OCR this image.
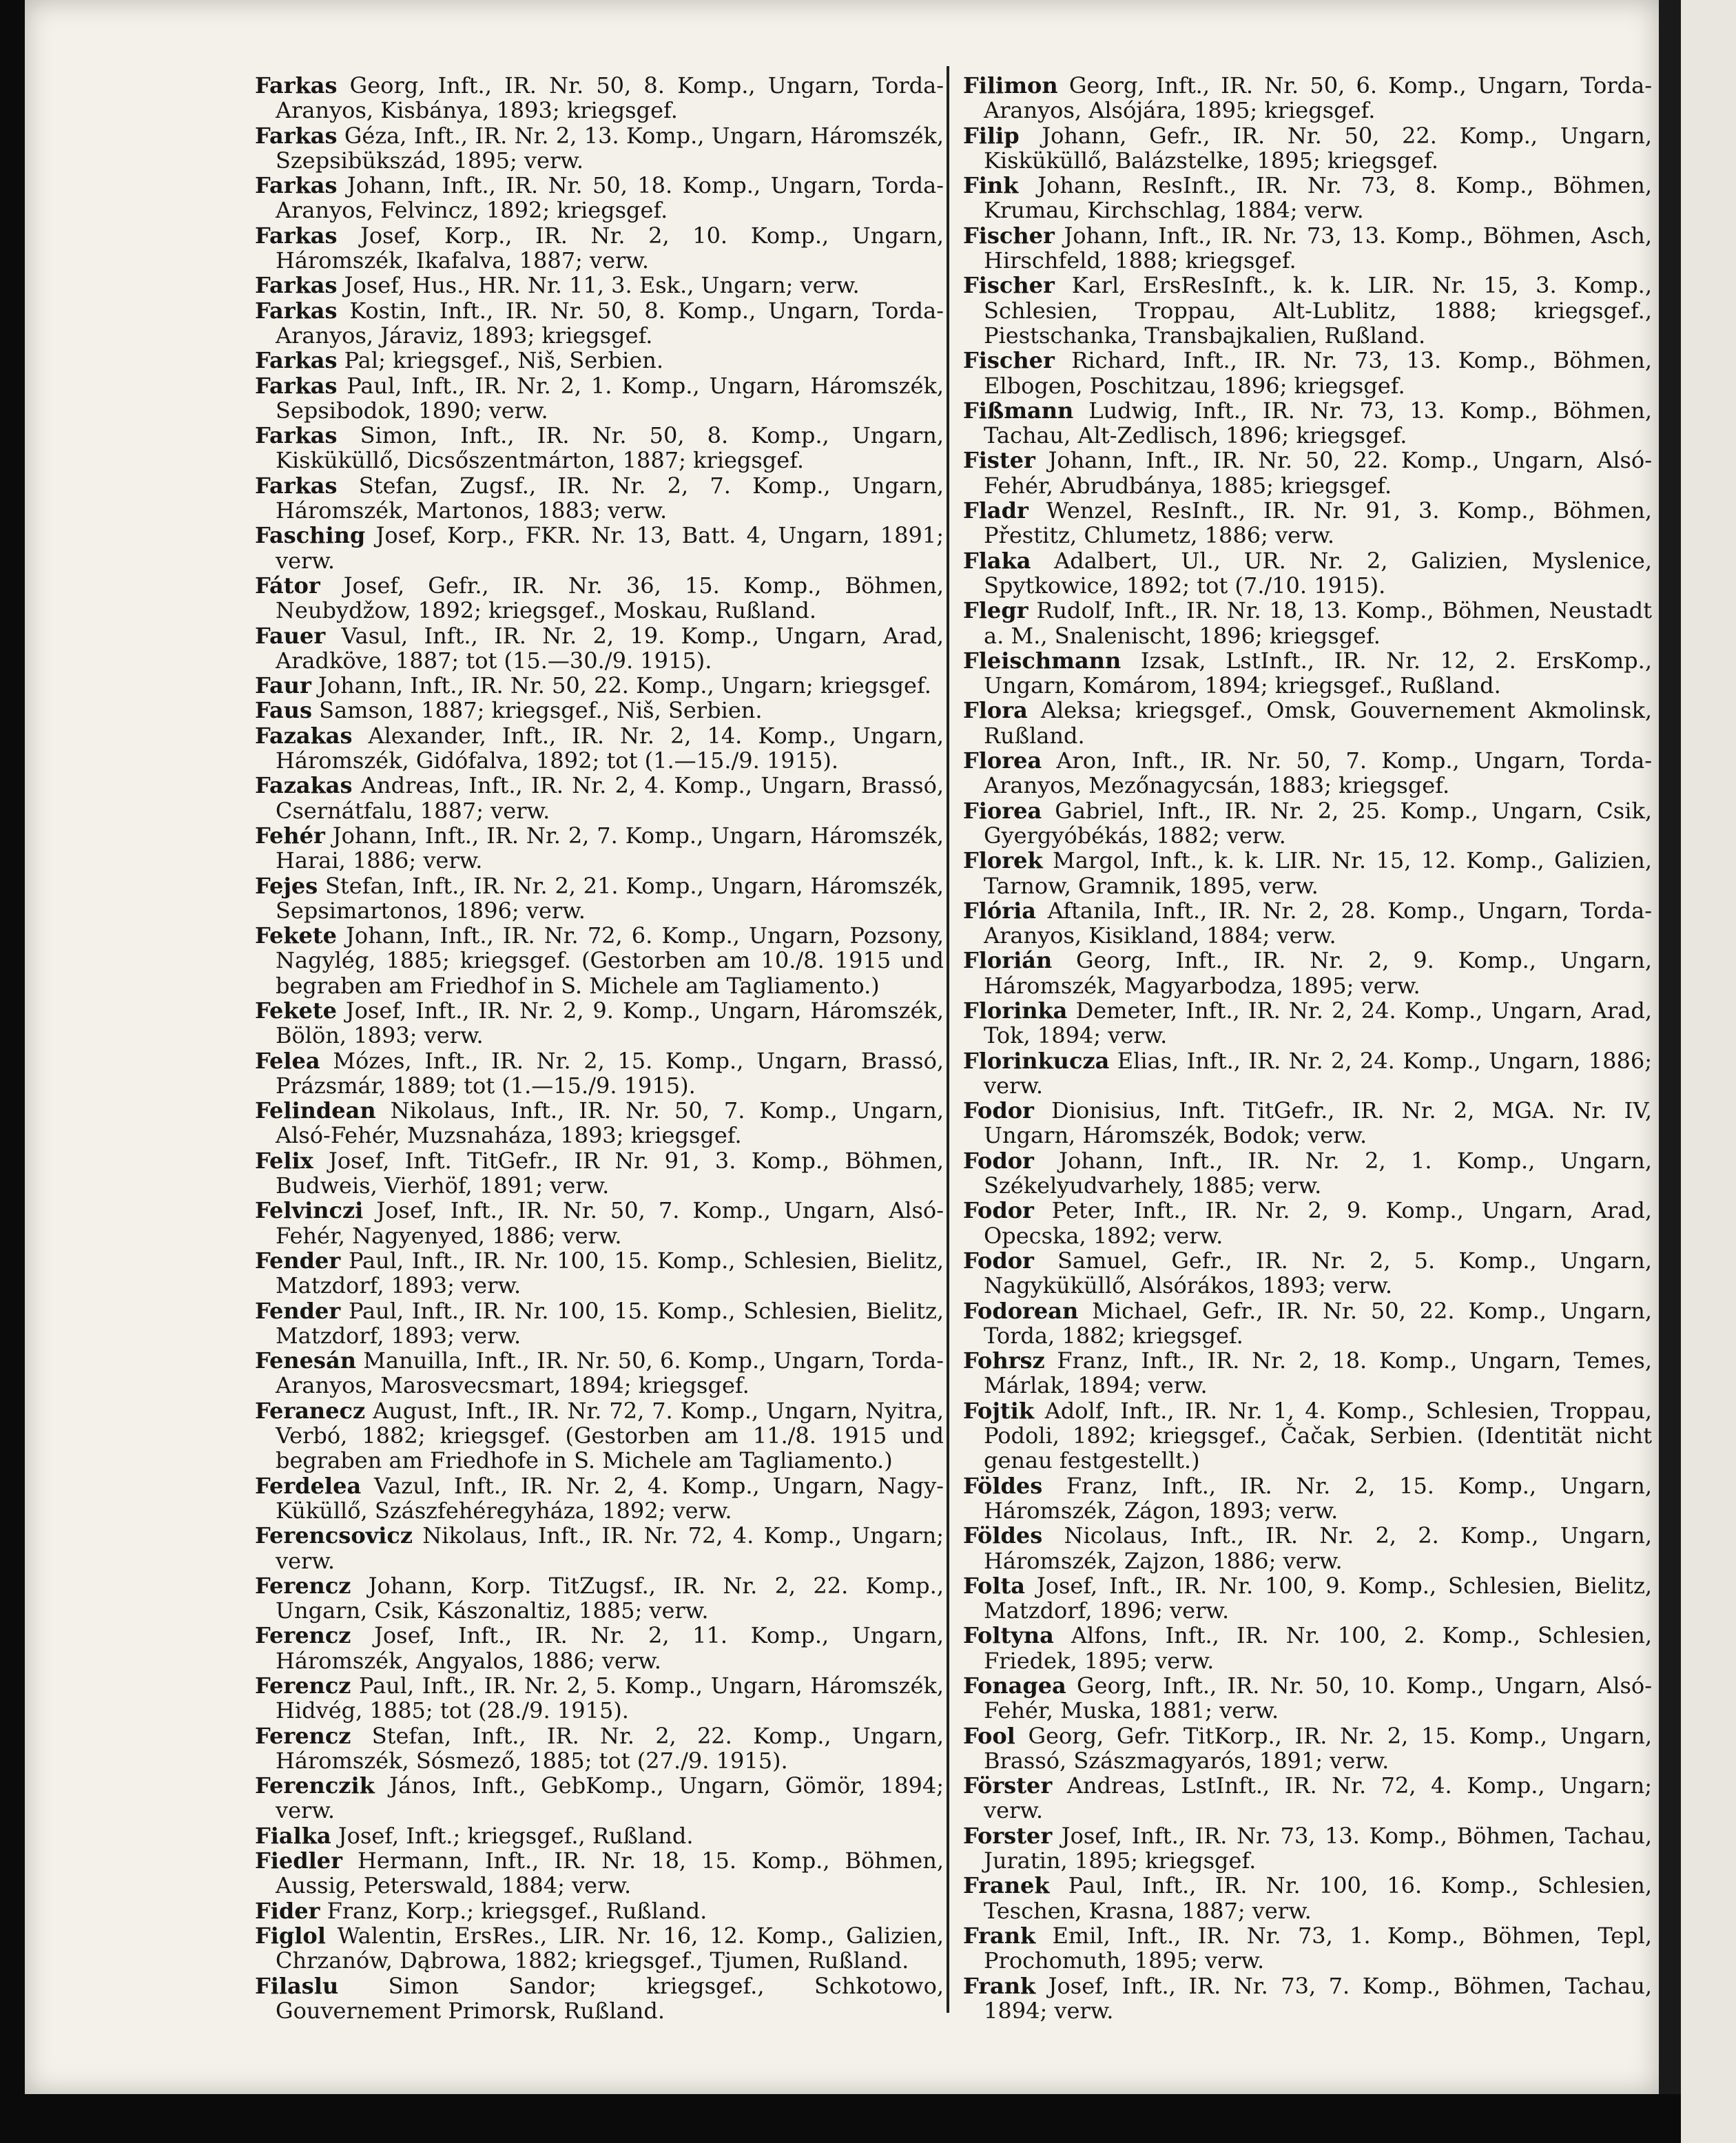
Farkas Georg, Inft., IR. Nr. 50, 8. Komp., Ungarn, Torda-Aranyos, Kisbánya, 1893; kriegsgef.

Farkas Géza, Inft., IR. Nr. 2, 13. Komp., Ungarn, Háromszék, Szepsibükszád, 1895; verw.

Farkas Johann, Inft., IR. Nr. 50, 18. Komp., Ungarn, Torda-Aranyos, Felvincz, 1892; kriegsgef.

Farkas Josef, Korp., IR. Nr. 2, 10. Komp., Ungarn, Háromszék, Ikafalva, 1887; verw.

Farkas Josef, Hus., HR. Nr. 11, 3. Esk., Ungarn; verw.

Farkas Kostin, Inft., IR. Nr. 50, 8. Komp., Ungarn, Torda-Aranyos, Járaviz, 1893; kriegsgef.

Farkas Pal; kriegsgef., Niš, Serbien.

Farkas Paul, Inft., IR. Nr. 2, 1. Komp., Ungarn, Háromszék, Sepsibodok, 1890; verw.

Farkas Simon, Inft., IR. Nr. 50, 8. Komp., Ungarn, Kisküküllő, Dicsőszentmárton, 1887; kriegsgef.

Farkas Stefan, Zugsf., IR. Nr. 2, 7. Komp., Ungarn, Háromszék, Martonos, 1883; verw.

Fasching Josef, Korp., FKR. Nr. 13, Batt. 4, Ungarn, 1891; verw.

Fátor Josef, Gefr., IR. Nr. 36, 15. Komp., Böhmen, Neubydžow, 1892; kriegsgef., Moskau, Rußland.

Fauer Vasul, Inft., IR. Nr. 2, 19. Komp., Ungarn, Arad, Aradköve, 1887; tot (15.—30./9. 1915).

Faur Johann, Inft., IR. Nr. 50, 22. Komp., Ungarn; kriegsgef.

Faus Samson, 1887; kriegsgef., Niš, Serbien.

Fazakas Alexander, Inft., IR. Nr. 2, 14. Komp., Ungarn, Háromszék, Gidófalva, 1892; tot (1.—15./9. 1915).

Fazakas Andreas, Inft., IR. Nr. 2, 4. Komp., Ungarn, Brassó, Csernátfalu, 1887; verw.

Fehér Johann, Inft., IR. Nr. 2, 7. Komp., Ungarn, Háromszék, Harai, 1886; verw.

Fejes Stefan, Inft., IR. Nr. 2, 21. Komp., Ungarn, Háromszék, Sepsimartonos, 1896; verw.

Fekete Johann, Inft., IR. Nr. 72, 6. Komp., Ungarn, Pozsony, Nagylég, 1885; kriegsgef. (Gestorben am 10./8. 1915 und begraben am Friedhof in S. Michele am Tagliamento.)

Fekete Josef, Inft., IR. Nr. 2, 9. Komp., Ungarn, Háromszék, Bölön, 1893; verw.

Felea Mózes, Inft., IR. Nr. 2, 15. Komp., Ungarn, Brassó, Prázsmár, 1889; tot (1.—15./9. 1915).

Felindean Nikolaus, Inft., IR. Nr. 50, 7. Komp., Ungarn, Alsó-Fehér, Muzsnaháza, 1893; kriegsgef.

Felix Josef, Inft. TitGefr., IR Nr. 91, 3. Komp., Böhmen, Budweis, Vierhöf, 1891; verw.

Felvinczi Josef, Inft., IR. Nr. 50, 7. Komp., Ungarn, Alsó-Fehér, Nagyenyed, 1886; verw.

Fender Paul, Inft., IR. Nr. 100, 15. Komp., Schlesien, Bielitz, Matzdorf, 1893; verw.

Fender Paul, Inft., IR. Nr. 100, 15. Komp., Schlesien, Bielitz, Matzdorf, 1893; verw.

Fenesán Manuilla, Inft., IR. Nr. 50, 6. Komp., Ungarn, Torda-Aranyos, Marosvecsmart, 1894; kriegsgef.

Feranecz August, Inft., IR. Nr. 72, 7. Komp., Ungarn, Nyitra, Verbó, 1882; kriegsgef. (Gestorben am 11./8. 1915 und begraben am Friedhofe in S. Michele am Tagliamento.)

Ferdelea Vazul, Inft., IR. Nr. 2, 4. Komp., Ungarn, Nagy-Küküllő, Szászfehéregyháza, 1892; verw.

Ferencsovicz Nikolaus, Inft., IR. Nr. 72, 4. Komp., Ungarn; verw.

Ferencz Johann, Korp. TitZugsf., IR. Nr. 2, 22. Komp., Ungarn, Csik, Kászonaltiz, 1885; verw.

Ferencz Josef, Inft., IR. Nr. 2, 11. Komp., Ungarn, Háromszék, Angyalos, 1886; verw.

Ferencz Paul, Inft., IR. Nr. 2, 5. Komp., Ungarn, Háromszék, Hidvég, 1885; tot (28./9. 1915).

Ferencz Stefan, Inft., IR. Nr. 2, 22. Komp., Ungarn, Háromszék, Sósmező, 1885; tot (27./9. 1915).

Ferenczik János, Inft., GebKomp., Ungarn, Gömör, 1894; verw.

Fialka Josef, Inft.; kriegsgef., Rußland.

Fiedler Hermann, Inft., IR. Nr. 18, 15. Komp., Böhmen, Aussig, Peterswald, 1884; verw.

Fider Franz, Korp.; kriegsgef., Rußland.

Figlol Walentin, ErsRes., LIR. Nr. 16, 12. Komp., Galizien, Chrzanów, Dąbrowa, 1882; kriegsgef., Tjumen, Rußland.

Filaslu Simon Sandor; kriegsgef., Schkotowo, Gouvernement Primorsk, Rußland.

Filimon Georg, Inft., IR. Nr. 50, 6. Komp., Ungarn, Torda-Aranyos, Alsójára, 1895; kriegsgef.

Filip Johann, Gefr., IR. Nr. 50, 22. Komp., Ungarn, Kisküküllő, Balázstelke, 1895; kriegsgef.

Fink Johann, ResInft., IR. Nr. 73, 8. Komp., Böhmen, Krumau, Kirchschlag, 1884; verw.

Fischer Johann, Inft., IR. Nr. 73, 13. Komp., Böhmen, Asch, Hirschfeld, 1888; kriegsgef.

Fischer Karl, ErsResInft., k. k. LIR. Nr. 15, 3. Komp., Schlesien, Troppau, Alt-Lublitz, 1888; kriegsgef., Piestschanka, Transbajkalien, Rußland.

Fischer Richard, Inft., IR. Nr. 73, 13. Komp., Böhmen, Elbogen, Poschitzau, 1896; kriegsgef.

Fißmann Ludwig, Inft., IR. Nr. 73, 13. Komp., Böhmen, Tachau, Alt-Zedlisch, 1896; kriegsgef.

Fister Johann, Inft., IR. Nr. 50, 22. Komp., Ungarn, Alsó-Fehér, Abrudbánya, 1885; kriegsgef.

Fladr Wenzel, ResInft., IR. Nr. 91, 3. Komp., Böhmen, Přestitz, Chlumetz, 1886; verw.

Flaka Adalbert, Ul., UR. Nr. 2, Galizien, Myslenice, Spytkowice, 1892; tot (7./10. 1915).

Flegr Rudolf, Inft., IR. Nr. 18, 13. Komp., Böhmen, Neustadt a. M., Snalenischt, 1896; kriegsgef.

Fleischmann Izsak, LstInft., IR. Nr. 12, 2. ErsKomp., Ungarn, Komárom, 1894; kriegsgef., Rußland.

Flora Aleksa; kriegsgef., Omsk, Gouvernement Akmolinsk, Rußland.

Florea Aron, Inft., IR. Nr. 50, 7. Komp., Ungarn, Torda-Aranyos, Mezőnagycsán, 1883; kriegsgef.

Fiorea Gabriel, Inft., IR. Nr. 2, 25. Komp., Ungarn, Csik, Gyergyóbékás, 1882; verw.

Florek Margol, Inft., k. k. LIR. Nr. 15, 12. Komp., Galizien, Tarnow, Gramnik, 1895, verw.

Flória Aftanila, Inft., IR. Nr. 2, 28. Komp., Ungarn, Torda-Aranyos, Kisikland, 1884; verw.

Florián Georg, Inft., IR. Nr. 2, 9. Komp., Ungarn, Háromszék, Magyarbodza, 1895; verw.

Florinka Demeter, Inft., IR. Nr. 2, 24. Komp., Ungarn, Arad, Tok, 1894; verw.

Florinkucza Elias, Inft., IR. Nr. 2, 24. Komp., Ungarn, 1886; verw.

Fodor Dionisius, Inft. TitGefr., IR. Nr. 2, MGA. Nr. IV, Ungarn, Háromszék, Bodok; verw.

Fodor Johann, Inft., IR. Nr. 2, 1. Komp., Ungarn, Székelyudvarhely, 1885; verw.

Fodor Peter, Inft., IR. Nr. 2, 9. Komp., Ungarn, Arad, Opecska, 1892; verw.

Fodor Samuel, Gefr., IR. Nr. 2, 5. Komp., Ungarn, Nagyküküllő, Alsórákos, 1893; verw.

Fodorean Michael, Gefr., IR. Nr. 50, 22. Komp., Ungarn, Torda, 1882; kriegsgef.

Fohrsz Franz, Inft., IR. Nr. 2, 18. Komp., Ungarn, Temes, Márlak, 1894; verw.

Fojtik Adolf, Inft., IR. Nr. 1, 4. Komp., Schlesien, Troppau, Podoli, 1892; kriegsgef., Čačak, Serbien. (Identität nicht genau festgestellt.)

Földes Franz, Inft., IR. Nr. 2, 15. Komp., Ungarn, Háromszék, Zágon, 1893; verw.

Földes Nicolaus, Inft., IR. Nr. 2, 2. Komp., Ungarn, Háromszék, Zajzon, 1886; verw.

Folta Josef, Inft., IR. Nr. 100, 9. Komp., Schlesien, Bielitz, Matzdorf, 1896; verw.

Foltyna Alfons, Inft., IR. Nr. 100, 2. Komp., Schlesien, Friedek, 1895; verw.

Fonagea Georg, Inft., IR. Nr. 50, 10. Komp., Ungarn, Alsó-Fehér, Muska, 1881; verw.

Fool Georg, Gefr. TitKorp., IR. Nr. 2, 15. Komp., Ungarn, Brassó, Szászmagyarós, 1891; verw.

Förster Andreas, LstInft., IR. Nr. 72, 4. Komp., Ungarn; verw.

Forster Josef, Inft., IR. Nr. 73, 13. Komp., Böhmen, Tachau, Juratin, 1895; kriegsgef.

Franek Paul, Inft., IR. Nr. 100, 16. Komp., Schlesien, Teschen, Krasna, 1887; verw.

Frank Emil, Inft., IR. Nr. 73, 1. Komp., Böhmen, Tepl, Prochomuth, 1895; verw.

Frank Josef, Inft., IR. Nr. 73, 7. Komp., Böhmen, Tachau, 1894; verw.
